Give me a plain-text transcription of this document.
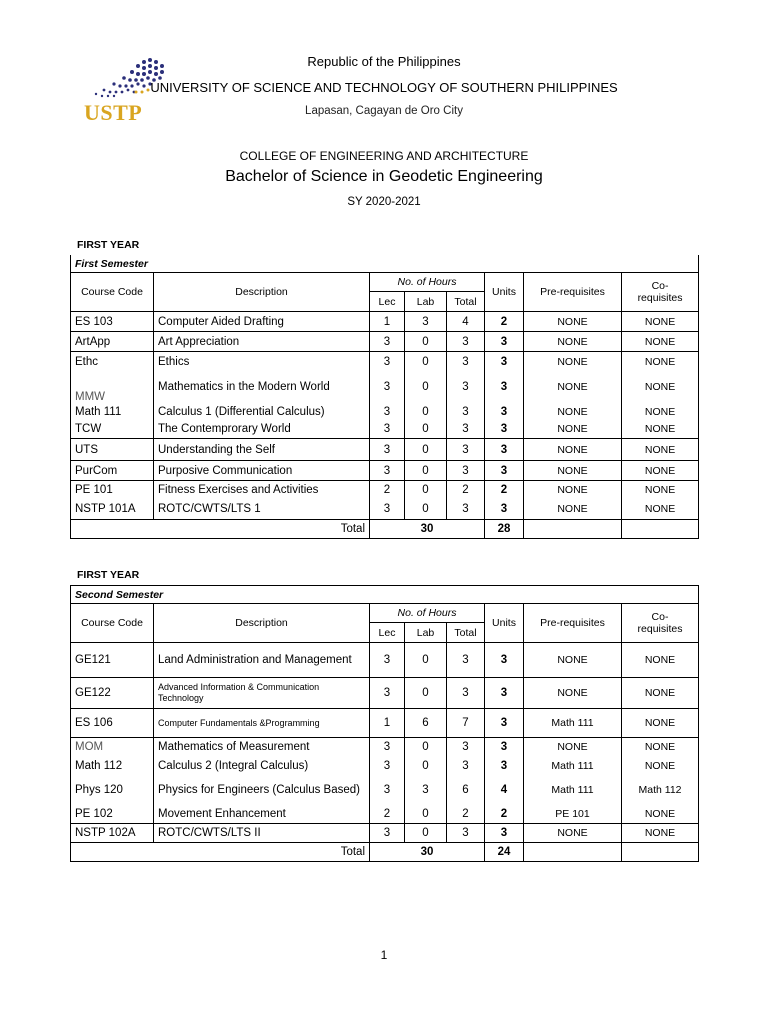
USTP
Republic of the Philippines
UNIVERSITY OF SCIENCE AND TECHNOLOGY OF SOUTHERN PHILIPPINES
Lapasan, Cagayan de Oro City
COLLEGE OF ENGINEERING AND ARCHITECTURE
Bachelor of Science in Geodetic Engineering
SY 2020-2021
FIRST YEAR
First Semester							
Course Code	Description	No. of Hours			Units	Pre-requisites	Co-requisites
		Lec	Lab	Total			
ES 103	Computer Aided Drafting	1	3	4	2	NONE	NONE
ArtApp	Art Appreciation	3	0	3	3	NONE	NONE
Ethc	Ethics	3	0	3	3	NONE	NONE
MMW	Mathematics in the Modern World	3	0	3	3	NONE	NONE
Math 111	Calculus 1 (Differential Calculus)	3	0	3	3	NONE	NONE
TCW	The Contemprorary World	3	0	3	3	NONE	NONE
UTS	Understanding the Self	3	0	3	3	NONE	NONE
PurCom	Purposive Communication	3	0	3	3	NONE	NONE
PE 101	Fitness Exercises and Activities	2	0	2	2	NONE	NONE
NSTP 101A	ROTC/CWTS/LTS 1	3	0	3	3	NONE	NONE
	Total	30			28		
FIRST YEAR
Second Semester							
Course Code	Description	No. of Hours			Units	Pre-requisites	Co-requisites
		Lec	Lab	Total			
GE121	Land Administration and Management	3	0	3	3	NONE	NONE
GE122	Advanced Information & Communication Technology	3	0	3	3	NONE	NONE
ES 106	Computer Fundamentals &Programming	1	6	7	3	Math 111	NONE
MOM	Mathematics of Measurement	3	0	3	3	NONE	NONE
Math 112	Calculus 2 (Integral Calculus)	3	0	3	3	Math 111	NONE
Phys 120	Physics for Engineers (Calculus Based)	3	3	6	4	Math 111	Math 112
PE 102	Movement Enhancement	2	0	2	2	PE 101	NONE
NSTP 102A	ROTC/CWTS/LTS II	3	0	3	3	NONE	NONE
	Total	30			24		
1
